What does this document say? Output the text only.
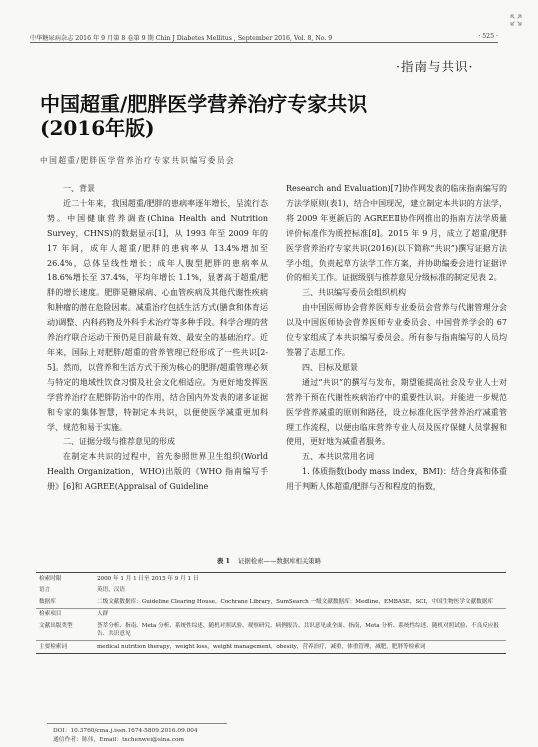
中华糖尿病杂志 2016 年 9 月第 8 卷第 9 期 Chin J Diabetes Mellitus , September 2016, Vol. 8, No. 9	· 525 ·
·指南与共识·
中国超重/肥胖医学营养治疗专家共识
(2016年版)
中国超重/肥胖医学营养治疗专家共识编写委员会
一、背景

近二十年来，我国超重/肥胖的患病率逐年增长，呈流行态势。中国健康营养调查(China Health and Nutrition Survey，CHNS)的数据显示[1]，从 1993 年至 2009 年的 17 年间，成年人超重/肥胖的患病率从 13.4%增加至 26.4%，总体呈线性增长；成年人腹型肥胖的患病率从 18.6%增长至 37.4%，平均年增长 1.1%，显著高于超重/肥胖的增长速度。肥胖是糖尿病、心血管疾病及其他代谢性疾病和肿瘤的潜在危险因素。减重治疗包括生活方式(膳食和体育运动)调整、内科药物及外科手术治疗等多种手段。科学合理的营养治疗联合运动干预仍是目前最有效、最安全的基础治疗。近年来，国际上对肥胖/超重的营养管理已经形成了一些共识[2-5]。然而，以营养和生活方式干预为核心的肥胖/超重管理必须与特定的地域性饮食习惯及社会文化相适应。为更好地发挥医学营养治疗在肥胖防治中的作用，结合国内外发表的诸多证据和专家的集体智慧，特制定本共识，以便使医学减重更加科学、规范和易于实施。

二、证据分级与推荐意见的形成

在制定本共识的过程中，首先参照世界卫生组织(World Health Organization，WHO)出版的《WHO 指南编写手册》[6]和 AGREE(Appraisal of Guideline

Research and Evaluation)[7]协作网发表的临床指南编写的方法学原则(表1)，结合中国现况，建立制定本共识的方法学，将 2009 年更新后的 AGREEⅡ协作网推出的指南方法学质量评价标准作为质控标准[8]。2015 年 9 月，成立了超重/肥胖医学营养治疗专家共识(2016)(以下简称“共识”)撰写证据方法学小组，负责起草方法学工作方案，并协助编委会进行证据评价的相关工作。证据级别与推荐意见分级标准的制定见表 2。

三、共识编写委员会组织机构

由中国医师协会营养医师专业委员会营养与代谢管理分会以及中国医师协会营养医师专业委员会、中国营养学会的 67 位专家组成了本共识编写委员会。所有参与指南编写的人员均签署了志愿工作。

四、目标及愿景

通过“共识”的撰写与发布，期望能提高社会及专业人士对营养干预在代谢性疾病治疗中的重要性认识。并能进一步规范医学营养减重的原则和路径，设立标准化医学营养治疗减重管理工作流程，以便由临床营养专业人员及医疗保健人员掌握和使用，更好地为减重者服务。

五、本共识常用名词

1. 体质指数(body mass index，BMI)：结合身高和体重用于判断人体超重/肥胖与否和程度的指数，

表 1 证据检索——数据库相关策略
检索时限	2000 年 1 月 1 日至 2015 年 9 月 1 日
语言	英语，汉语
数据库	二级文献数据库：Guideline Clearing House，Cochrane Library，SumSearch 一级文献数据库：Medline，EMBASE，SCI，中国生物医学文献数据库
检索项目	人群
文献出版类型	荟萃分析、指南、Meta 分析、系统性综述、随机对照试验、观察研究、病例报告、共识意见或全面、指南，Meta 分析、系统性综述、随机对照试验、不良反应报告、共识意见
主要检索词	medical nutrition therapy，weight loss，weight management，obesity，营养治疗，减重，体重管理，减肥，肥胖等检索词
DOI：10.3760/cma.j.issn.1674-5809.2016.09.004
通信作者：陈伟，Email：txchenwei@sina.com
